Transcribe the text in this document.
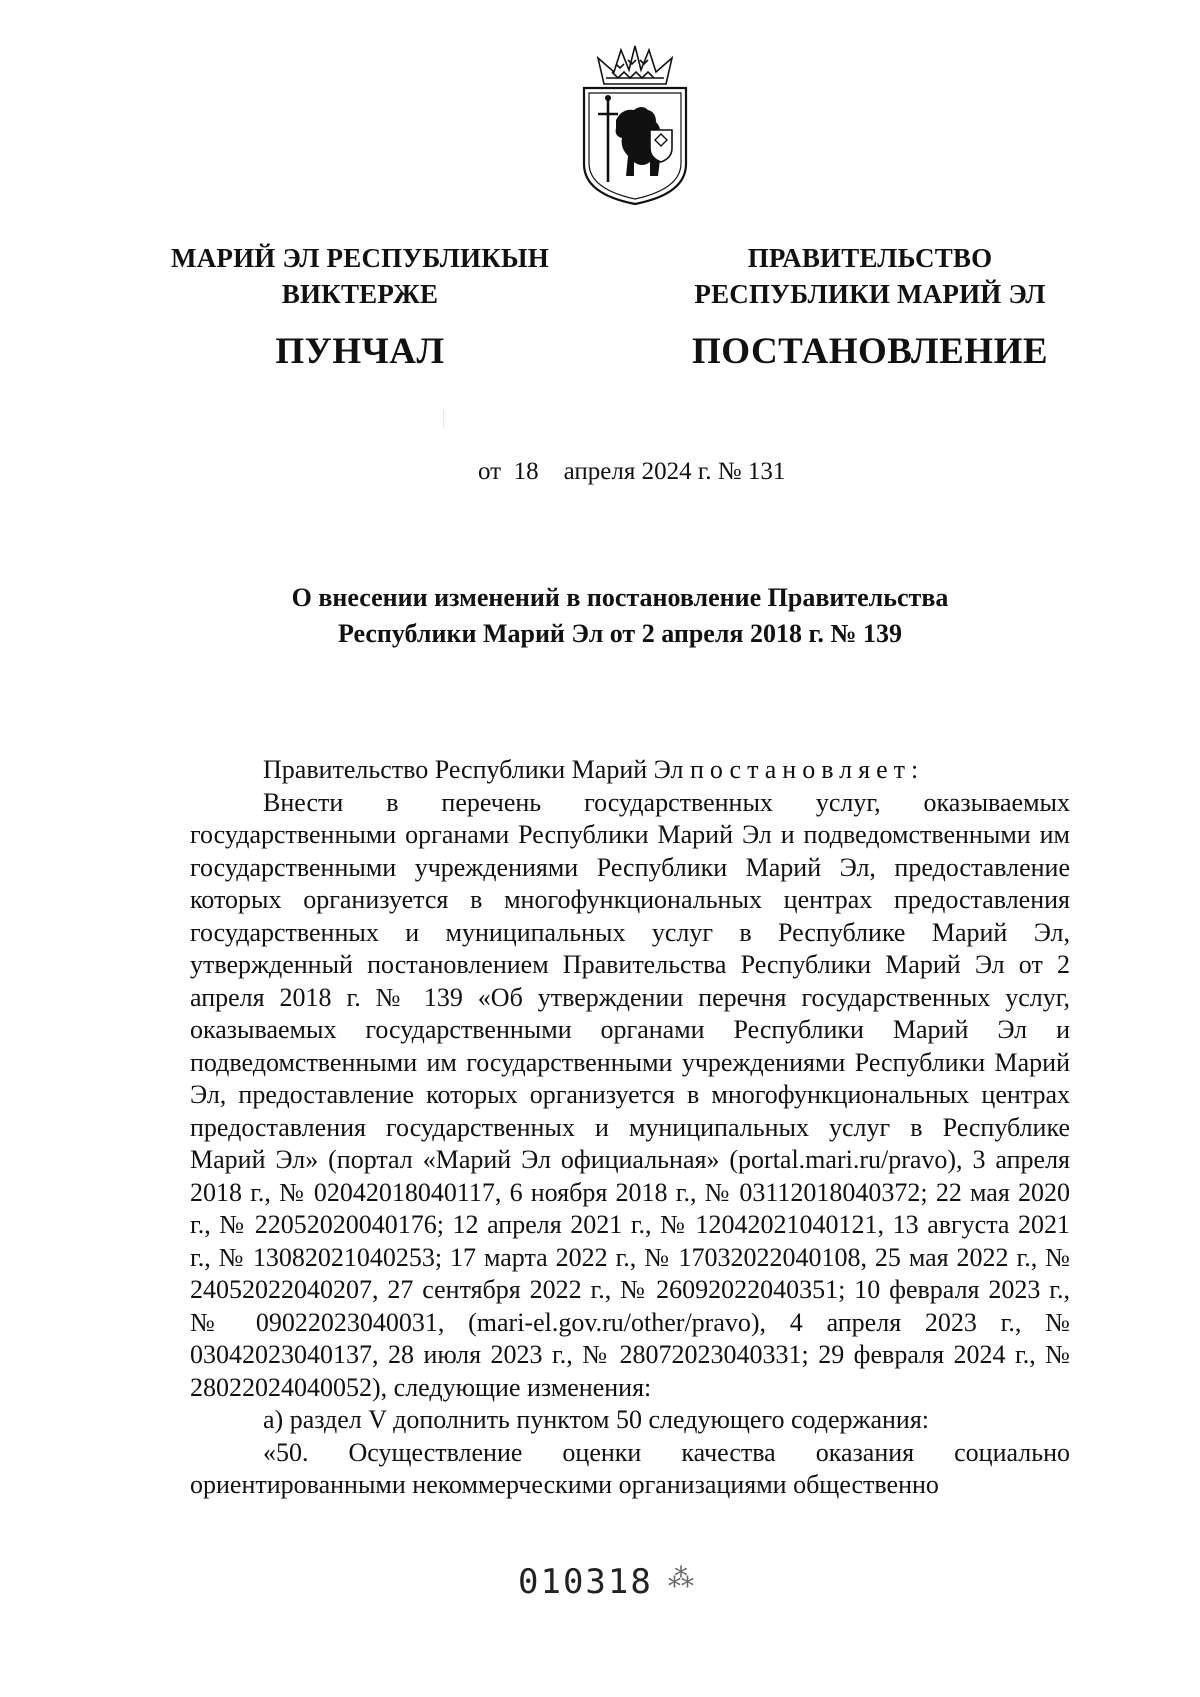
МАРИЙ ЭЛ РЕСПУБЛИКЫН
ВИКТЕРЖЕ
ПУНЧАЛ
ПРАВИТЕЛЬСТВО
РЕСПУБЛИКИ МАРИЙ ЭЛ
ПОСТАНОВЛЕНИЕ
от 18 апреля 2024 г. № 131
О внесении изменений в постановление Правительства
Республики Марий Эл от 2 апреля 2018 г. № 139

Правительство Республики Марий Эл постановляет:

Внести в перечень государственных услуг, оказываемых государственными органами Республики Марий Эл и подведомственными им государственными учреждениями Республики Марий Эл, предоставление которых организуется в многофункциональных центрах предоставления государственных и муниципальных услуг в Республике Марий Эл, утвержденный постановлением Правительства Республики Марий Эл от 2 апреля 2018 г. № 139 «Об утверждении перечня государственных услуг, оказываемых государственными органами Республики Марий Эл и подведомственными им государственными учреждениями Республики Марий Эл, предоставление которых организуется в многофункциональных центрах предоставления государственных и муниципальных услуг в Республике Марий Эл» (портал «Марий Эл официальная» (portal.mari.ru/pravo), 3 апреля 2018 г., № 02042018040117, 6 ноября 2018 г., № 03112018040372; 22 мая 2020 г., № 22052020040176; 12 апреля 2021 г., № 12042021040121, 13 августа 2021 г., № 13082021040253; 17 марта 2022 г., № 17032022040108, 25 мая 2022 г., № 24052022040207, 27 сентября 2022 г., № 26092022040351; 10 февраля 2023 г., № 09022023040031, (mari-el.gov.ru/other/pravo), 4 апреля 2023 г., № 03042023040137, 28 июля 2023 г., № 28072023040331; 29 февраля 2024 г., № 28022024040052), следующие изменения:

а) раздел V дополнить пунктом 50 следующего содержания:

«50. Осуществление оценки качества оказания социально ориентированными некоммерческими организациями общественно

010318 ⁂
